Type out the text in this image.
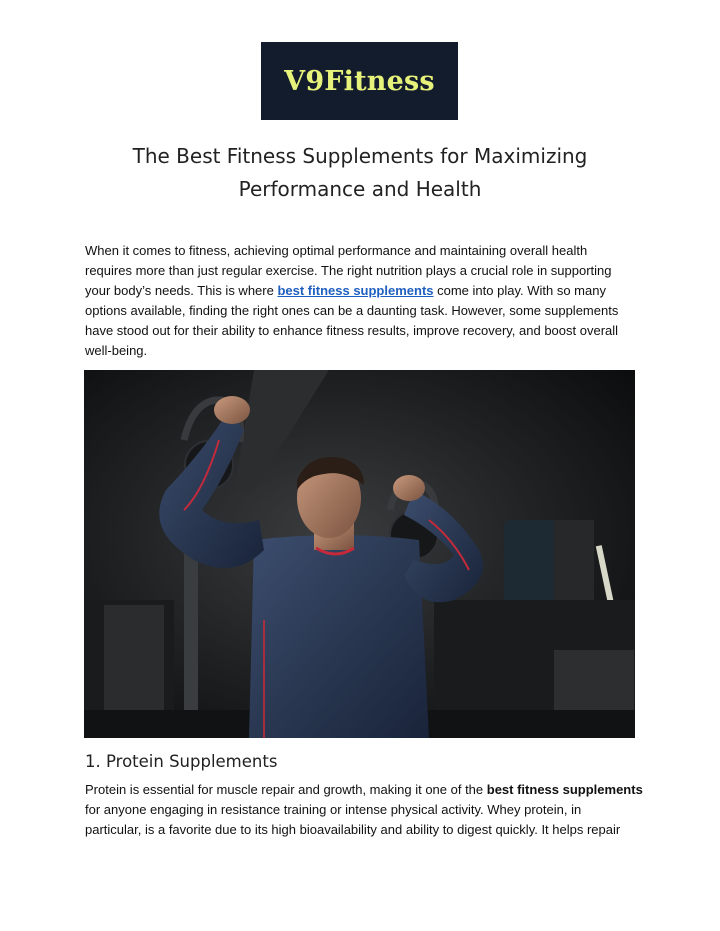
V9Fitness
The Best Fitness Supplements for Maximizing
Performance and Health

When it comes to fitness, achieving optimal performance and maintaining overall health
requires more than just regular exercise. The right nutrition plays a crucial role in supporting
your body’s needs. This is where best fitness supplements come into play. With so many
options available, finding the right ones can be a daunting task. However, some supplements
have stood out for their ability to enhance fitness results, improve recovery, and boost overall
well-being.

1. Protein Supplements

Protein is essential for muscle repair and growth, making it one of the best fitness supplements
for anyone engaging in resistance training or intense physical activity. Whey protein, in
particular, is a favorite due to its high bioavailability and ability to digest quickly. It helps repair
